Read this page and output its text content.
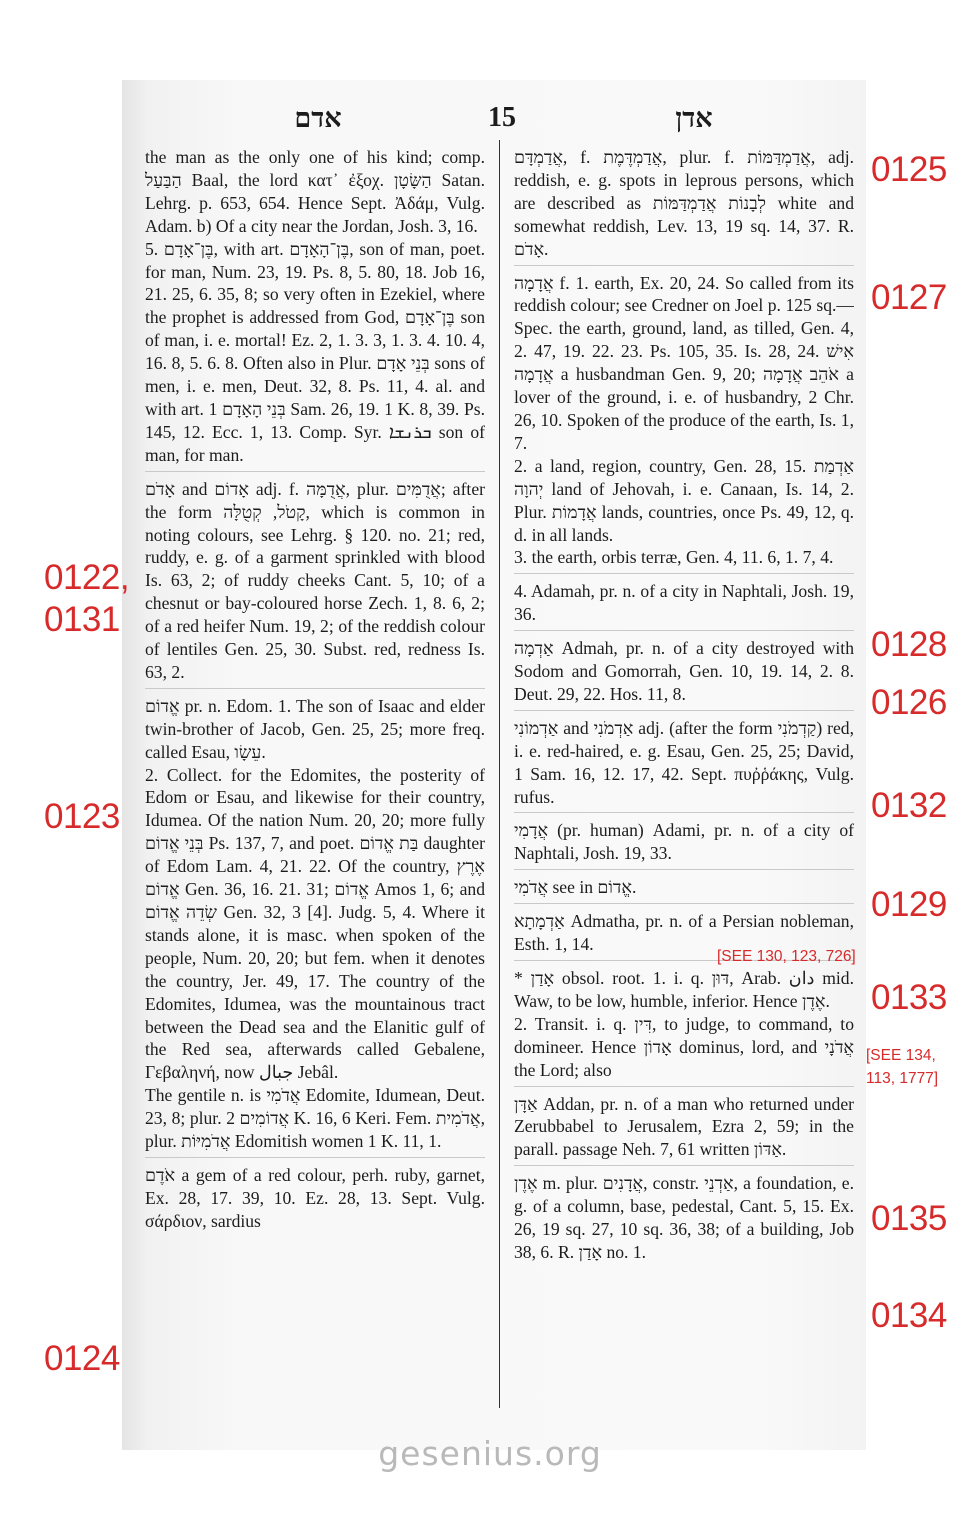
אדם	15	אדן

the man as the only one of his kind; comp. הַבַּעַל Baal, the lord κατ᾽ ἐξοχ. הַשָּׂטָן Satan. Lehrg. p. 653, 654. Hence Sept. Ἀδάμ, Vulg. Adam. b) Of a city near the Jordan, Josh. 3, 16.

5. בֶּן־אָדָם, with art. בֶּן־הָאָדָם, son of man, poet. for man, Num. 23, 19. Ps. 8, 5. 80, 18. Job 16, 21. 25, 6. 35, 8; so very often in Ezekiel, where the prophet is addressed from God, בֶּן־אָדָם son of man, i. e. mortal! Ez. 2, 1. 3. 3, 1. 3. 4. 10. 4, 16. 8, 5. 6. 8. Often also in Plur. בְּנֵי אָדָם sons of men, i. e. men, Deut. 32, 8. Ps. 11, 4. al. and with art. בְּנֵי הָאָדָם 1 Sam. 26, 19. 1 K. 8, 39. Ps. 145, 12. Ecc. 1, 13. Comp. Syr. ܒܪܢܫܐ son of man, for man.

אָדֹם and אָדוֹם adj. f. אֲדֻמָּה, plur. אֲדֻמִּים; after the form קָטֹל, קְטֻלָּה, which is common in noting colours, see Lehrg. § 120. no. 21; red, ruddy, e. g. of a garment sprinkled with blood Is. 63, 2; of ruddy cheeks Cant. 5, 10; of a chesnut or bay-coloured horse Zech. 1, 8. 6, 2; of a red heifer Num. 19, 2; of the reddish colour of lentiles Gen. 25, 30. Subst. red, redness Is. 63, 2.

אֱדוֹם pr. n. Edom. 1. The son of Isaac and elder twin-brother of Jacob, Gen. 25, 25; more freq. called Esau, עֵשָׂו.

2. Collect. for the Edomites, the posterity of Edom or Esau, and likewise for their country, Idumea. Of the nation Num. 20, 20; more fully בְּנֵי אֱדוֹם Ps. 137, 7, and poet. בַּת אֱדוֹם daughter of Edom Lam. 4, 21. 22. Of the country, אֶרֶץ אֱדוֹם Gen. 36, 16. 21. 31; אֱדוֹם Amos 1, 6; and שְׂדֵה אֱדוֹם Gen. 32, 3 [4]. Judg. 5, 4. Where it stands alone, it is masc. when spoken of the people, Num. 20, 20; but fem. when it denotes the country, Jer. 49, 17. The country of the Edomites, Idumea, was the mountainous tract between the Dead sea and the Elanitic gulf of the Red sea, afterwards called Gebalene, Γεβαληνή, now جبال Jebâl.

The gentile n. is אֲדֹמִי Edomite, Idumean, Deut. 23, 8; plur. אֲדוֹמִים 2 K. 16, 6 Keri. Fem. אֲדֹמִית, plur. אֲדֹמִיּוֹת Edomitish women 1 K. 11, 1.

אֹדֶם a gem of a red colour, perh. ruby, garnet, Ex. 28, 17. 39, 10. Ez. 28, 13. Sept. Vulg. σάρδιον, sardius

אֲדַמְדָּם, f. אֲדַמְדֶּמֶת, plur. f. אֲדַמְדַּמּוֹת, adj. reddish, e. g. spots in leprous persons, which are described as לְבָנוֹת אֲדַמְדַּמּוֹת white and somewhat reddish, Lev. 13, 19 sq. 14, 37. R. אָדֹם.

אֲדָמָה f. 1. earth, Ex. 20, 24. So called from its reddish colour; see Credner on Joel p. 125 sq.—Spec. the earth, ground, land, as tilled, Gen. 4, 2. 47, 19. 22. 23. Ps. 105, 35. Is. 28, 24. אִישׁ אֲדָמָה a husbandman Gen. 9, 20; אֹהֵב אֲדָמָה a lover of the ground, i. e. of husbandry, 2 Chr. 26, 10. Spoken of the produce of the earth, Is. 1, 7.

2. a land, region, country, Gen. 28, 15. אַדְמַת יְהוָה land of Jehovah, i. e. Canaan, Is. 14, 2. Plur. אֲדָמוֹת lands, countries, once Ps. 49, 12, q. d. in all lands.

3. the earth, orbis terræ, Gen. 4, 11. 6, 1. 7, 4.

4. Adamah, pr. n. of a city in Naphtali, Josh. 19, 36.

אַדְמָה Admah, pr. n. of a city destroyed with Sodom and Gomorrah, Gen. 10, 19. 14, 2. 8. Deut. 29, 22. Hos. 11, 8.

אַדְמוֹנִי and אַדְמֹנִי adj. (after the form קַדְמֹנִי) red, i. e. red-haired, e. g. Esau, Gen. 25, 25; David, 1 Sam. 16, 12. 17, 42. Sept. πυῤῥάκης, Vulg. rufus.

אֲדָמִי (pr. human) Adami, pr. n. of a city of Naphtali, Josh. 19, 33.

אֲדֹמִי see in אֱדוֹם.

אַדְמָתָא Admatha, pr. n. of a Persian nobleman, Esth. 1, 14.

* אָדַן obsol. root. 1. i. q. דּוּן, Arab. دان mid. Waw, to be low, humble, inferior. Hence אֶדֶן.

2. Transit. i. q. דִּין, to judge, to command, to domineer. Hence אָדוֹן dominus, lord, and אֲדֹנָי the Lord; also

אַדָּן Addan, pr. n. of a man who returned under Zerubbabel to Jerusalem, Ezra 2, 59; in the parall. passage Neh. 7, 61 written אַדּוֹן.

אֶדֶן m. plur. אֲדָנִים, constr. אַדְנֵי, a foundation, e. g. of a column, base, pedestal, Cant. 5, 15. Ex. 26, 19 sq. 27, 10 sq. 36, 38; of a building, Job 38, 6. R. אָדַן no. 1.

0125
0127
0122,
0131
0128
0126
0123	0132
0129
0133
0135
0124
0134
[SEE 130, 123, 726]
[SEE 134,
113, 1777]
gesenius.org
